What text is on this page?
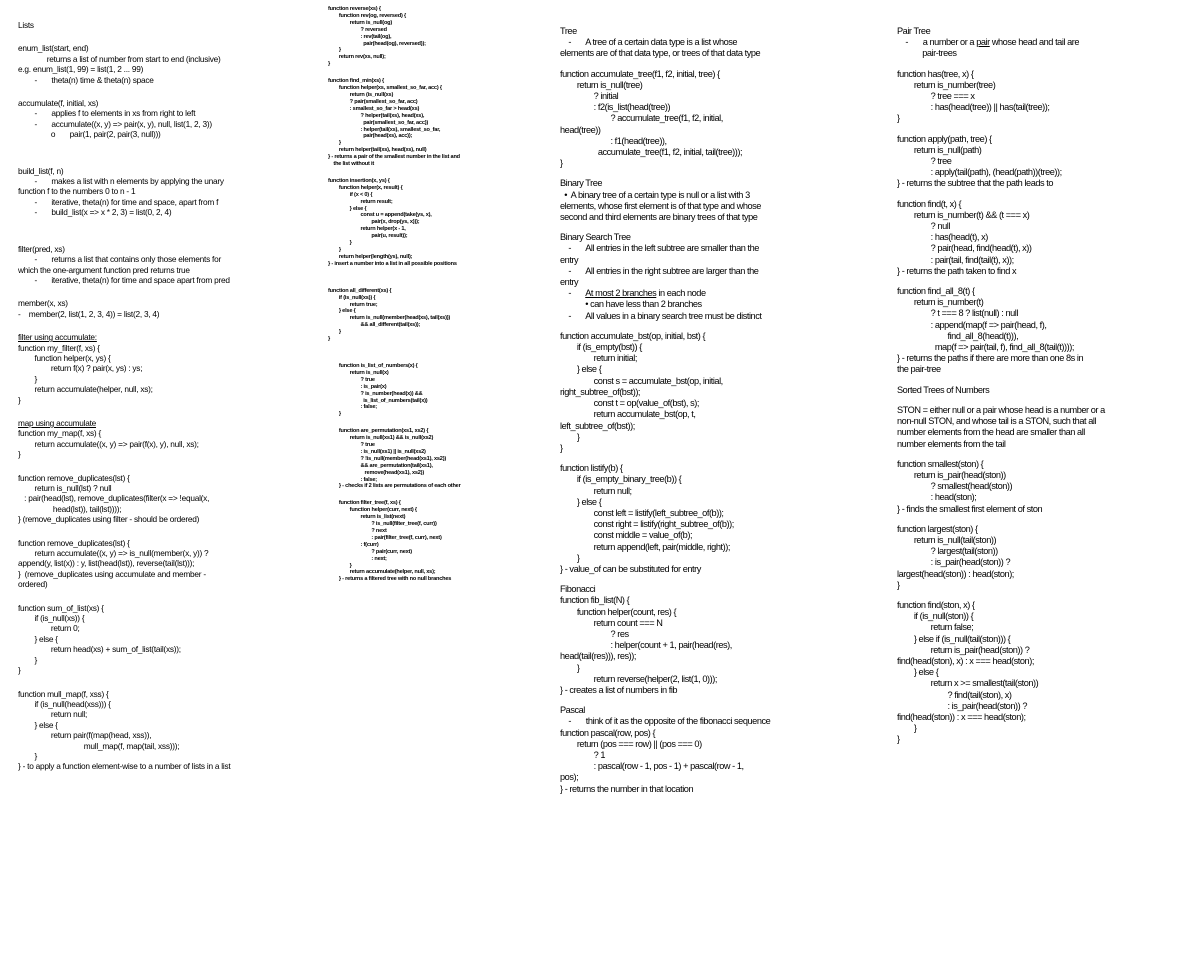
Lists
enum_list(start, end)
returns a list of number from start to end (inclusive)
e.g. enum_list(1, 99) = list(1, 2 ... 99)
-       theta(n) time & theta(n) space
accumulate(f, initial, xs)
-       applies f to elements in xs from right to left
-       accumulate((x, y) => pair(x, y), null, list(1, 2, 3))
o       pair(1, pair(2, pair(3, null)))
build_list(f, n)
-       makes a list with n elements by applying the unary
function f to the numbers 0 to n - 1
-       iterative, theta(n) for time and space, apart from f
-       build_list(x => x * 2, 3) = list(0, 2, 4)
filter(pred, xs)
-       returns a list that contains only those elements for
which the one-argument function pred returns true
-       iterative, theta(n) for time and space apart from pred
member(x, xs)
-    member(2, list(1, 2, 3, 4)) = list(2, 3, 4)
filter using accumulate:
function my_filter(f, xs) {
function helper(x, ys) {
return f(x) ? pair(x, ys) : ys;
}
return accumulate(helper, null, xs);
}
map using accumulate
function my_map(f, xs) {
return accumulate((x, y) => pair(f(x), y), null, xs);
}
function remove_duplicates(lst) {
return is_null(lst) ? null
: pair(head(lst), remove_duplicates(filter(x => !equal(x,
head(lst)), tail(lst))));
} (remove_duplicates using filter - should be ordered)
function remove_duplicates(lst) {
return accumulate((x, y) => is_null(member(x, y)) ?
append(y, list(x)) : y, list(head(lst)), reverse(tail(lst)));
}  (remove_duplicates using accumulate and member -
ordered)
function sum_of_list(xs) {
if (is_null(xs)) {
return 0;
} else {
return head(xs) + sum_of_list(tail(xs));
}
}
function mull_map(f, xss) {
if (is_null(head(xss))) {
return null;
} else {
return pair(f(map(head, xss)),
mull_map(f, map(tail, xss)));
}
} - to apply a function element-wise to a number of lists in a list
function reverse(xs) {
function rev(og, reversed) {
return is_null(og)
? reversed
: rev(tail(og),
pair(head(og), reversed));
}
return rev(xs, null);
}
function find_min(xs) {
function helper(xs, smallest_so_far, acc) {
return (is_null(xs)
? pair(smallest_so_far, acc)
: smallest_so_far > head(xs)
? helper(tail(xs), head(xs),
pair(smallest_so_far, acc))
: helper(tail(xs), smallest_so_far,
pair(head(xs), acc));
}
return helper(tail(xs), head(xs), null)
} - returns a pair of the smallest number in the list and
the list without it
function insertion(x, ys) {
function helper(x, result) {
if (x < 0) {
return result;
} else {
const u = append(take(ys, x),
pair(x, drop(ys, x)));
return helper(x - 1,
pair(u, result));
}
}
return helper(length(ys), null);
} - insert a number into a list in all possible positions
function all_different(xs) {
if (is_null(xs)) {
return true;
} else {
return is_null(member(head(xs), tail(xs)))
&& all_different(tail(xs));
}
}
function is_list_of_numbers(x) {
return is_null(x)
? true
: is_pair(x)
? is_number(head(x)) &&
is_list_of_numbers(tail(x))
: false;
}
function are_permutation(xs1, xs2) {
return is_null(xs1) && is_null(xs2)
? true
: is_null(xs1) || is_null(xs2)
? !is_null(member(head(xs1), xs2))
&& are_permutation(tail(xs1),
remove(head(xs1), xs2))
: false;
} - checks if 2 lists are permutations of each other
function filter_tree(f, xs) {
function helper(curr, next) {
return is_list(next)
? is_null(filter_tree(f, curr))
? next
: pair(filter_tree(f, curr), next)
: f(curr)
? pair(curr, next)
: next;
}
return accumulate(helper, null, xs);
} - returns a filtered tree with no null branches
Tree
-       A tree of a certain data type is a list whose
elements are of that data type, or trees of that data type
function accumulate_tree(f1, f2, initial, tree) {
return is_null(tree)
? initial
: f2(is_list(head(tree))
? accumulate_tree(f1, f2, initial,
head(tree))
: f1(head(tree)),
accumulate_tree(f1, f2, initial, tail(tree)));
}
Binary Tree
•  A binary tree of a certain type is null or a list with 3
elements, whose first element is of that type and whose
second and third elements are binary trees of that type
Binary Search Tree
-       All entries in the left subtree are smaller than the
entry
-       All entries in the right subtree are larger than the
entry
-       At most 2 branches in each node
• can have less than 2 branches
-       All values in a binary search tree must be distinct
function accumulate_bst(op, initial, bst) {
if (is_empty(bst)) {
return initial;
} else {
const s = accumulate_bst(op, initial,
right_subtree_of(bst));
const t = op(value_of(bst), s);
return accumulate_bst(op, t,
left_subtree_of(bst));
}
}
function listify(b) {
if (is_empty_binary_tree(b)) {
return null;
} else {
const left = listify(left_subtree_of(b));
const right = listify(right_subtree_of(b));
const middle = value_of(b);
return append(left, pair(middle, right));
}
} - value_of can be substituted for entry
Fibonacci
function fib_list(N) {
function helper(count, res) {
return count === N
? res
: helper(count + 1, pair(head(res),
head(tail(res))), res));
}
return reverse(helper(2, list(1, 0)));
} - creates a list of numbers in fib
Pascal
-       think of it as the opposite of the fibonacci sequence
function pascal(row, pos) {
return (pos === row) || (pos === 0)
? 1
: pascal(row - 1, pos - 1) + pascal(row - 1,
pos);
} - returns the number in that location
Pair Tree
-       a number or a pair whose head and tail are
pair-trees
function has(tree, x) {
return is_number(tree)
? tree === x
: has(head(tree)) || has(tail(tree));
}
function apply(path, tree) {
return is_null(path)
? tree
: apply(tail(path), (head(path))(tree));
} - returns the subtree that the path leads to
function find(t, x) {
return is_number(t) && (t === x)
? null
: has(head(t), x)
? pair(head, find(head(t), x))
: pair(tail, find(tail(t), x));
} - returns the path taken to find x
function find_all_8(t) {
return is_number(t)
? t === 8 ? list(null) : null
: append(map(f => pair(head, f),
find_all_8(head(t))),
map(f => pair(tail, f), find_all_8(tail(t))));
} - returns the paths if there are more than one 8s in
the pair-tree
Sorted Trees of Numbers
STON = either null or a pair whose head is a number or a
non-null STON, and whose tail is a STON, such that all
number elements from the head are smaller than all
number elements from the tail
function smallest(ston) {
return is_pair(head(ston))
? smallest(head(ston))
: head(ston);
} - finds the smallest first element of ston
function largest(ston) {
return is_null(tail(ston))
? largest(tail(ston))
: is_pair(head(ston)) ?
largest(head(ston)) : head(ston);
}
function find(ston, x) {
if (is_null(ston)) {
return false;
} else if (is_null(tail(ston))) {
return is_pair(head(ston)) ?
find(head(ston), x) : x === head(ston);
} else {
return x >= smallest(tail(ston))
? find(tail(ston), x)
: is_pair(head(ston)) ?
find(head(ston)) : x === head(ston);
}
}
